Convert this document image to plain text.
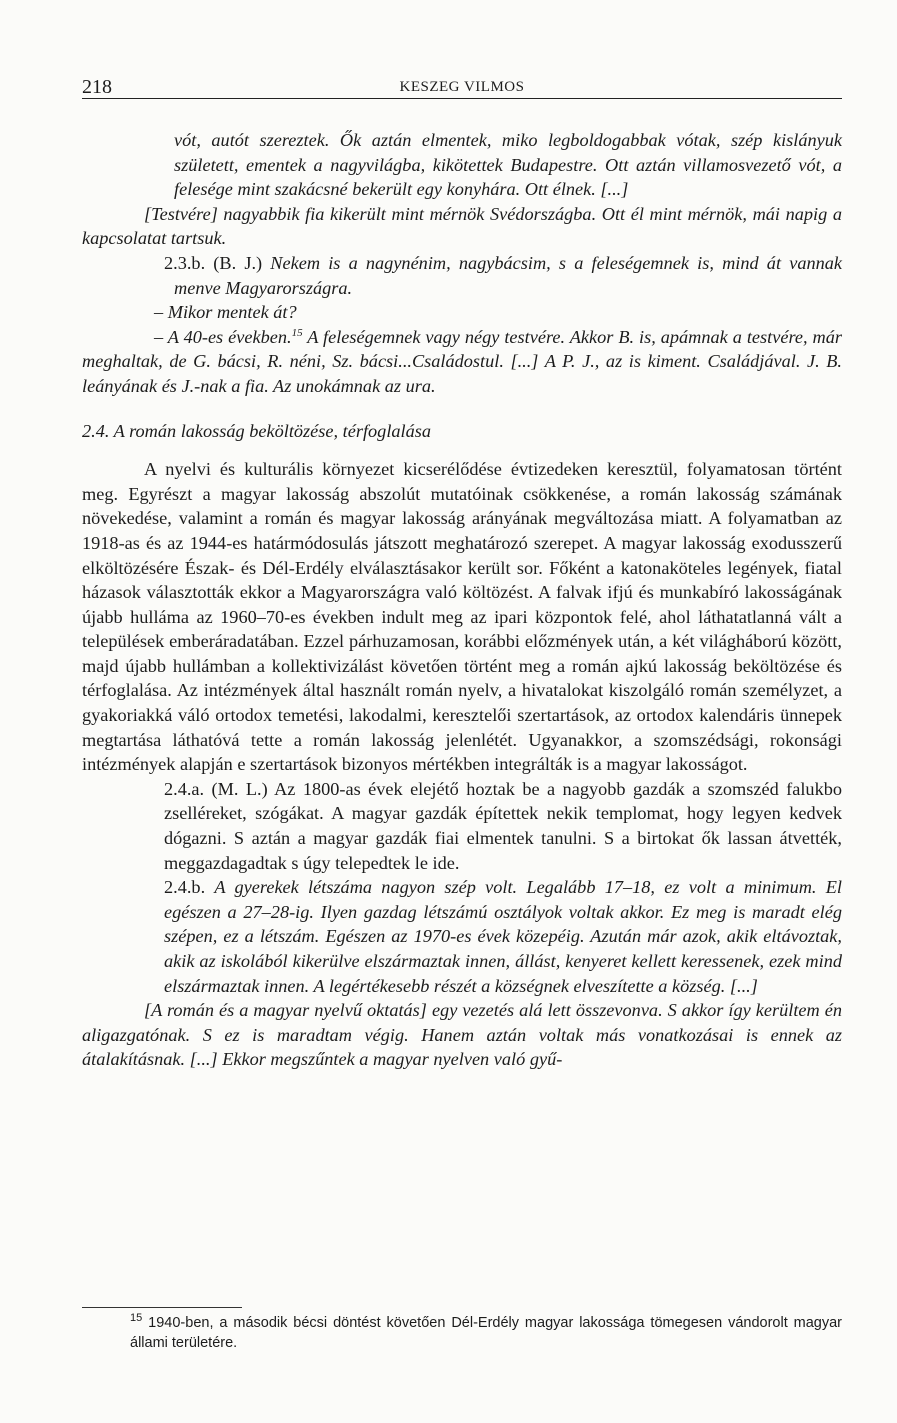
218	KESZEG VILMOS

vót, autót szereztek. Ők aztán elmentek, miko legboldogabbak vótak, szép kislányuk született, ementek a nagyvilágba, kikötettek Budapestre. Ott aztán villamosvezető vót, a felesége mint szakácsné bekerült egy konyhára. Ott élnek. [...]

[Testvére] nagyabbik fia kikerült mint mérnök Svédországba. Ott él mint mérnök, mái napig a kapcsolatat tartsuk.

2.3.b. (B. J.) Nekem is a nagynénim, nagybácsim, s a feleségemnek is, mind át vannak menve Magyarországra.

– Mikor mentek át?

– A 40-es években.$^{15}$ A feleségemnek vagy négy testvére. Akkor B. is, apámnak a testvére, már meghaltak, de G. bácsi, R. néni, Sz. bácsi...Családostul. [...] A P. J., az is kiment. Családjával. J. B. leányának és J.-nak a fia. Az unokámnak az ura.

2.4. A román lakosság beköltözése, térfoglalása

A nyelvi és kulturális környezet kicserélődése évtizedeken keresztül, folyamatosan történt meg. Egyrészt a magyar lakosság abszolút mutatóinak csökkenése, a román lakosság számának növekedése, valamint a román és magyar lakosság arányának megváltozása miatt. A folyamatban az 1918-as és az 1944-es határmódosulás játszott meghatározó szerepet. A magyar lakosság exodusszerű elköltözésére Észak- és Dél-Erdély elválasztásakor került sor. Főként a katonaköteles legények, fiatal házasok választották ekkor a Magyarországra való költözést. A falvak ifjú és munkabíró lakosságának újabb hulláma az 1960–70-es években indult meg az ipari központok felé, ahol láthatatlanná vált a települések emberáradatában. Ezzel párhuzamosan, korábbi előzmények után, a két világháború között, majd újabb hullámban a kollektivizálást követően történt meg a román ajkú lakosság beköltözése és térfoglalása. Az intézmények által használt román nyelv, a hivatalokat kiszolgáló román személyzet, a gyakoriakká váló ortodox temetési, lakodalmi, keresztelői szertartások, az ortodox kalendáris ünnepek megtartása láthatóvá tette a román lakosság jelenlétét. Ugyanakkor, a szomszédsági, rokonsági intézmények alapján e szertartások bizonyos mértékben integrálták is a magyar lakosságot.

2.4.a. (M. L.) Az 1800-as évek elejétő hoztak be a nagyobb gazdák a szomszéd falukbo zselléreket, szógákat. A magyar gazdák építettek nekik templomat, hogy legyen kedvek dógazni. S aztán a magyar gazdák fiai elmentek tanulni. S a birtokat ők lassan átvették, meggazdagadtak s úgy telepedtek le ide.

2.4.b. A gyerekek létszáma nagyon szép volt. Legalább 17–18, ez volt a minimum. El egészen a 27–28-ig. Ilyen gazdag létszámú osztályok voltak akkor. Ez meg is maradt elég szépen, ez a létszám. Egészen az 1970-es évek közepéig. Azután már azok, akik eltávoztak, akik az iskolából kikerülve elszármaztak innen, állást, kenyeret kellett keressenek, ezek mind elszármaztak innen. A legértékesebb részét a községnek elveszítette a község. [...]

[A román és a magyar nyelvű oktatás] egy vezetés alá lett összevonva. S akkor így kerültem én aligazgatónak. S ez is maradtam végig. Hanem aztán voltak más vonatkozásai is ennek az átalakításnak. [...] Ekkor megszűntek a magyar nyelven való gyű-

$^{15}$ 1940-ben, a második bécsi döntést követően Dél-Erdély magyar lakossága tömegesen vándorolt magyar állami területére.
